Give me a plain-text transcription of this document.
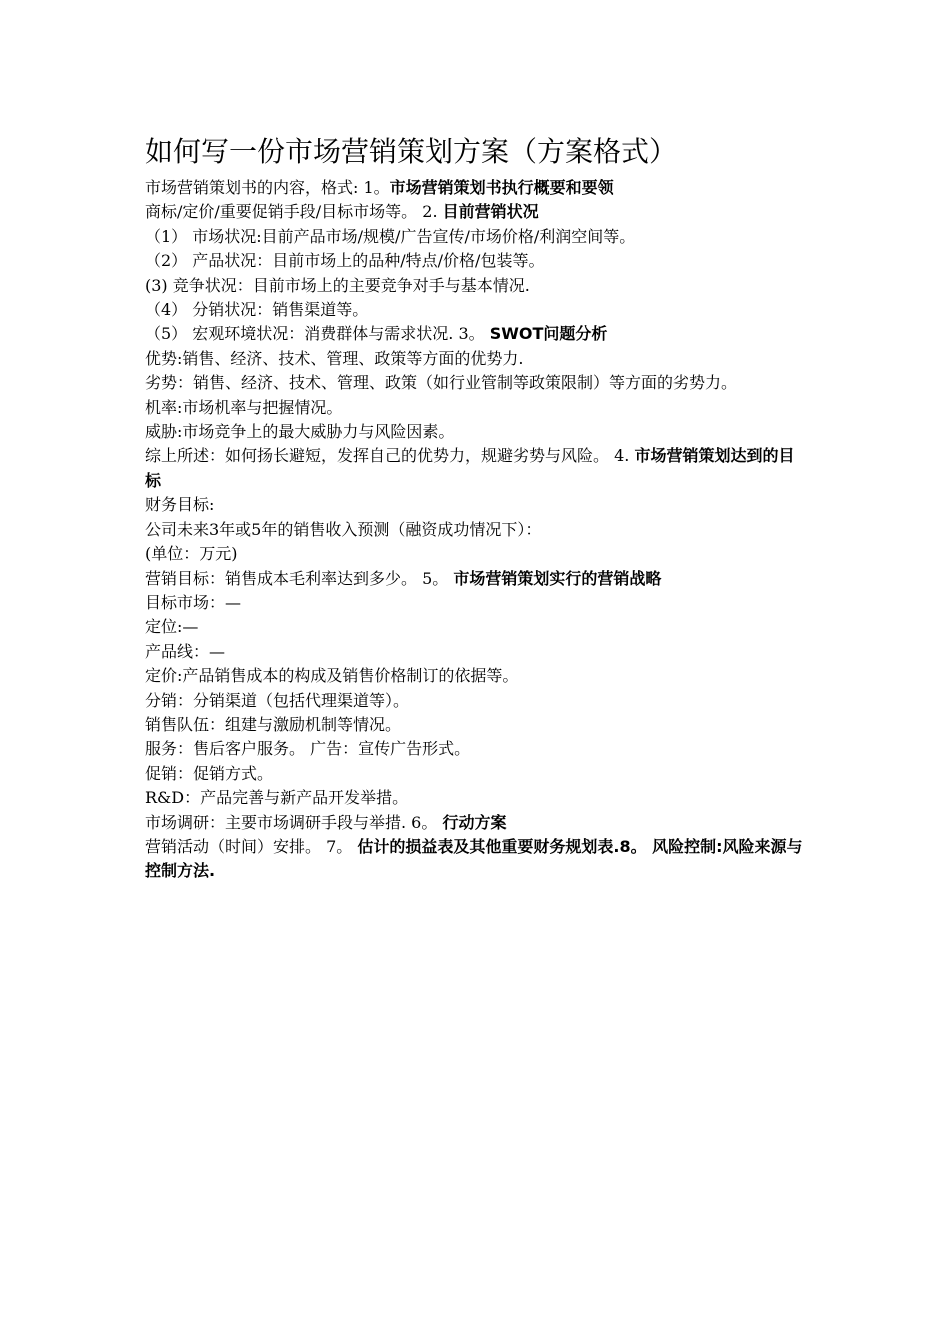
如何写一份市场营销策划方案（方案格式）

市场营销策划书的内容，格式: 1。市场营销策划书执行概要和要领

商标/定价/重要促销手段/目标市场等。 2. 目前营销状况

（1） 市场状况:目前产品市场/规模/广告宣传/市场价格/利润空间等。

（2） 产品状况：目前市场上的品种/特点/价格/包装等。

(3) 竞争状况：目前市场上的主要竞争对手与基本情况.

（4） 分销状况：销售渠道等。

（5） 宏观环境状况：消费群体与需求状况. 3。 SWOT问题分析

优势:销售、经济、技术、管理、政策等方面的优势力.

劣势：销售、经济、技术、管理、政策（如行业管制等政策限制）等方面的劣势力。

机率:市场机率与把握情况。

威胁:市场竞争上的最大威胁力与风险因素。

综上所述：如何扬长避短，发挥自己的优势力，规避劣势与风险。 4. 市场营销策划达到的目标

财务目标:

公司未来3年或5年的销售收入预测（融资成功情况下）：

(单位：万元)

营销目标：销售成本毛利率达到多少。 5。 市场营销策划实行的营销战略

目标市场：—

定位:—

产品线：—

定价:产品销售成本的构成及销售价格制订的依据等。

分销：分销渠道（包括代理渠道等）。

销售队伍：组建与激励机制等情况。

服务：售后客户服务。 广告：宣传广告形式。

促销：促销方式。

R&D：产品完善与新产品开发举措。

市场调研：主要市场调研手段与举措. 6。 行动方案

营销活动（时间）安排。 7。 估计的损益表及其他重要财务规划表.8。 风险控制:风险来源与控制方法.
